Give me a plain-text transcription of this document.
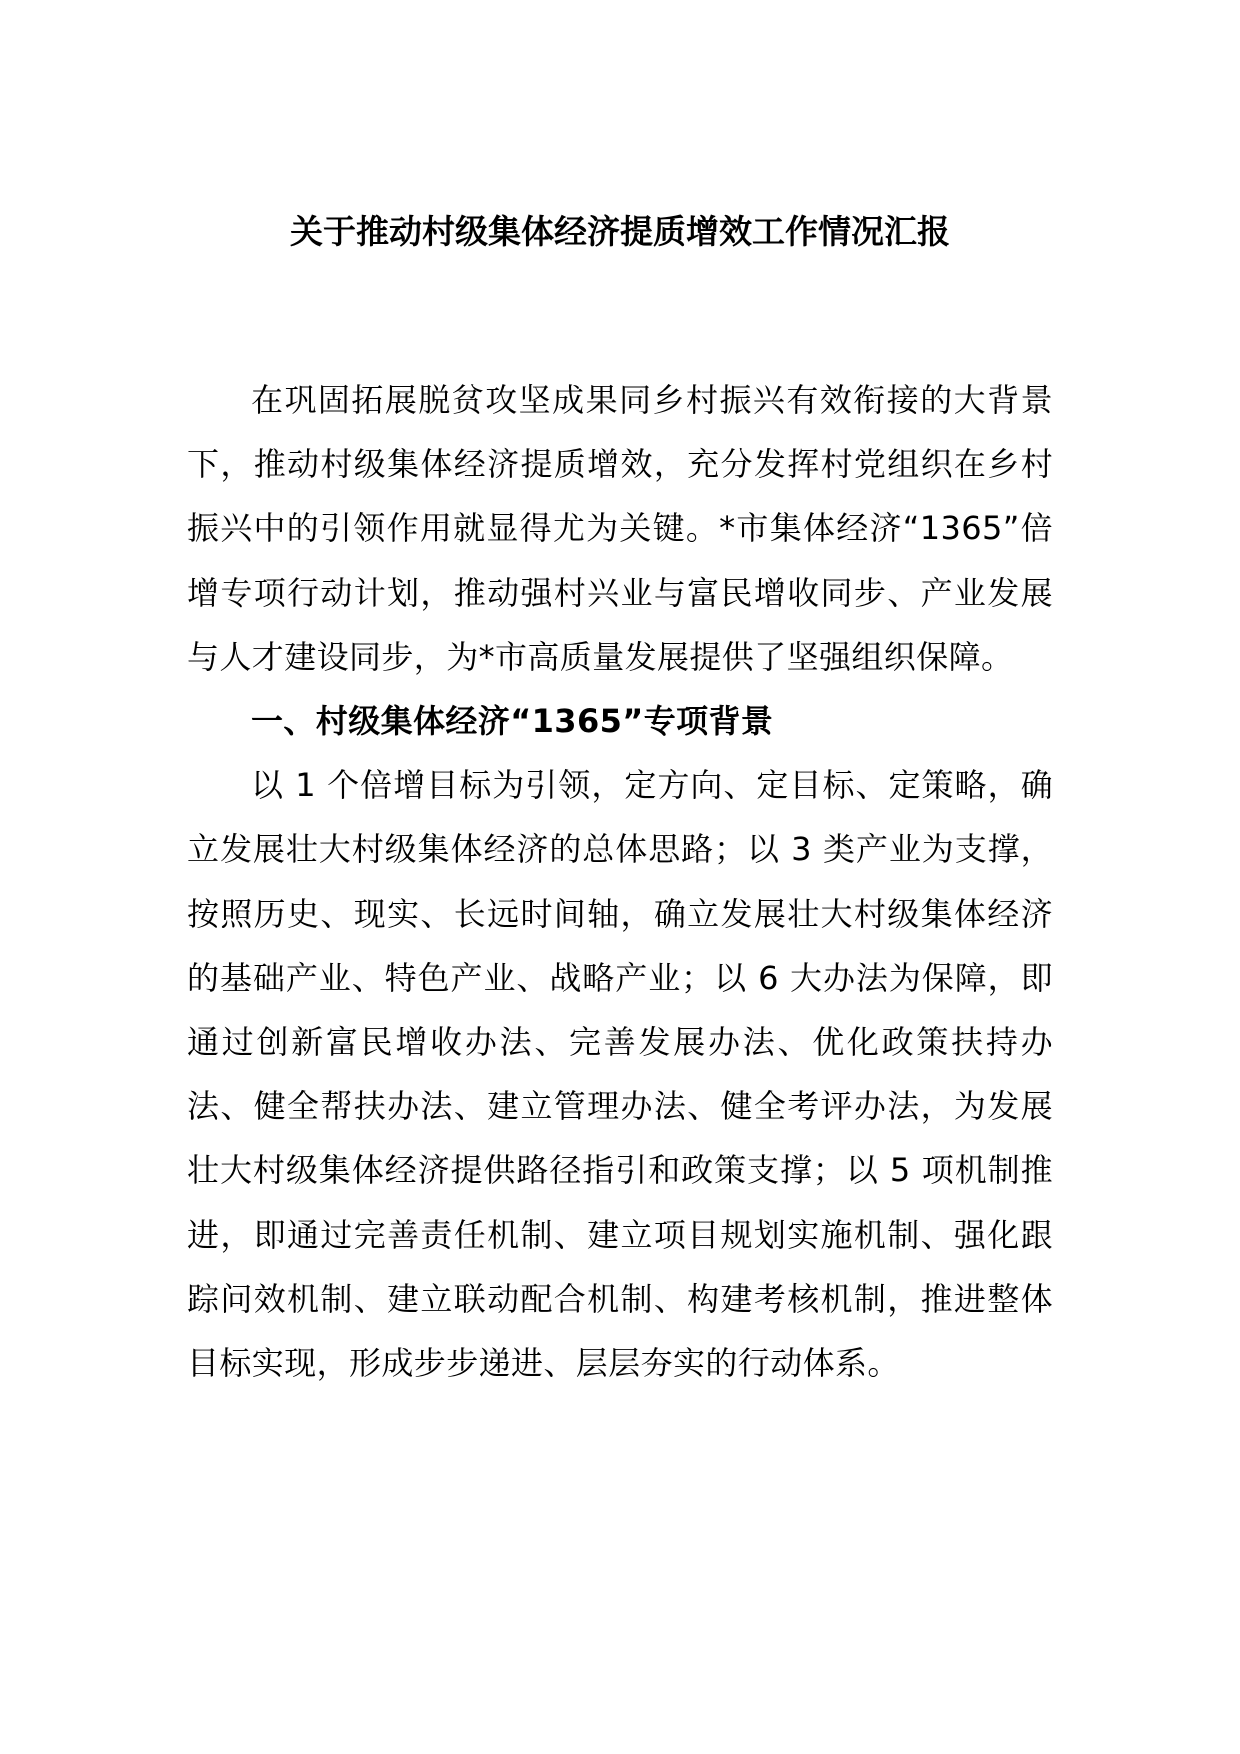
关于推动村级集体经济提质增效工作情况汇报

在巩固拓展脱贫攻坚成果同乡村振兴有效衔接的大背景下，推动村级集体经济提质增效，充分发挥村党组织在乡村振兴中的引领作用就显得尤为关键。*市集体经济“1365”倍增专项行动计划，推动强村兴业与富民增收同步、产业发展与人才建设同步，为*市高质量发展提供了坚强组织保障。

一、村级集体经济“1365”专项背景

以 1 个倍增目标为引领，定方向、定目标、定策略，确立发展壮大村级集体经济的总体思路；以 3 类产业为支撑，按照历史、现实、长远时间轴，确立发展壮大村级集体经济的基础产业、特色产业、战略产业；以 6 大办法为保障，即通过创新富民增收办法、完善发展办法、优化政策扶持办法、健全帮扶办法、建立管理办法、健全考评办法，为发展壮大村级集体经济提供路径指引和政策支撑；以 5 项机制推进，即通过完善责任机制、建立项目规划实施机制、强化跟踪问效机制、建立联动配合机制、构建考核机制，推进整体目标实现，形成步步递进、层层夯实的行动体系。
